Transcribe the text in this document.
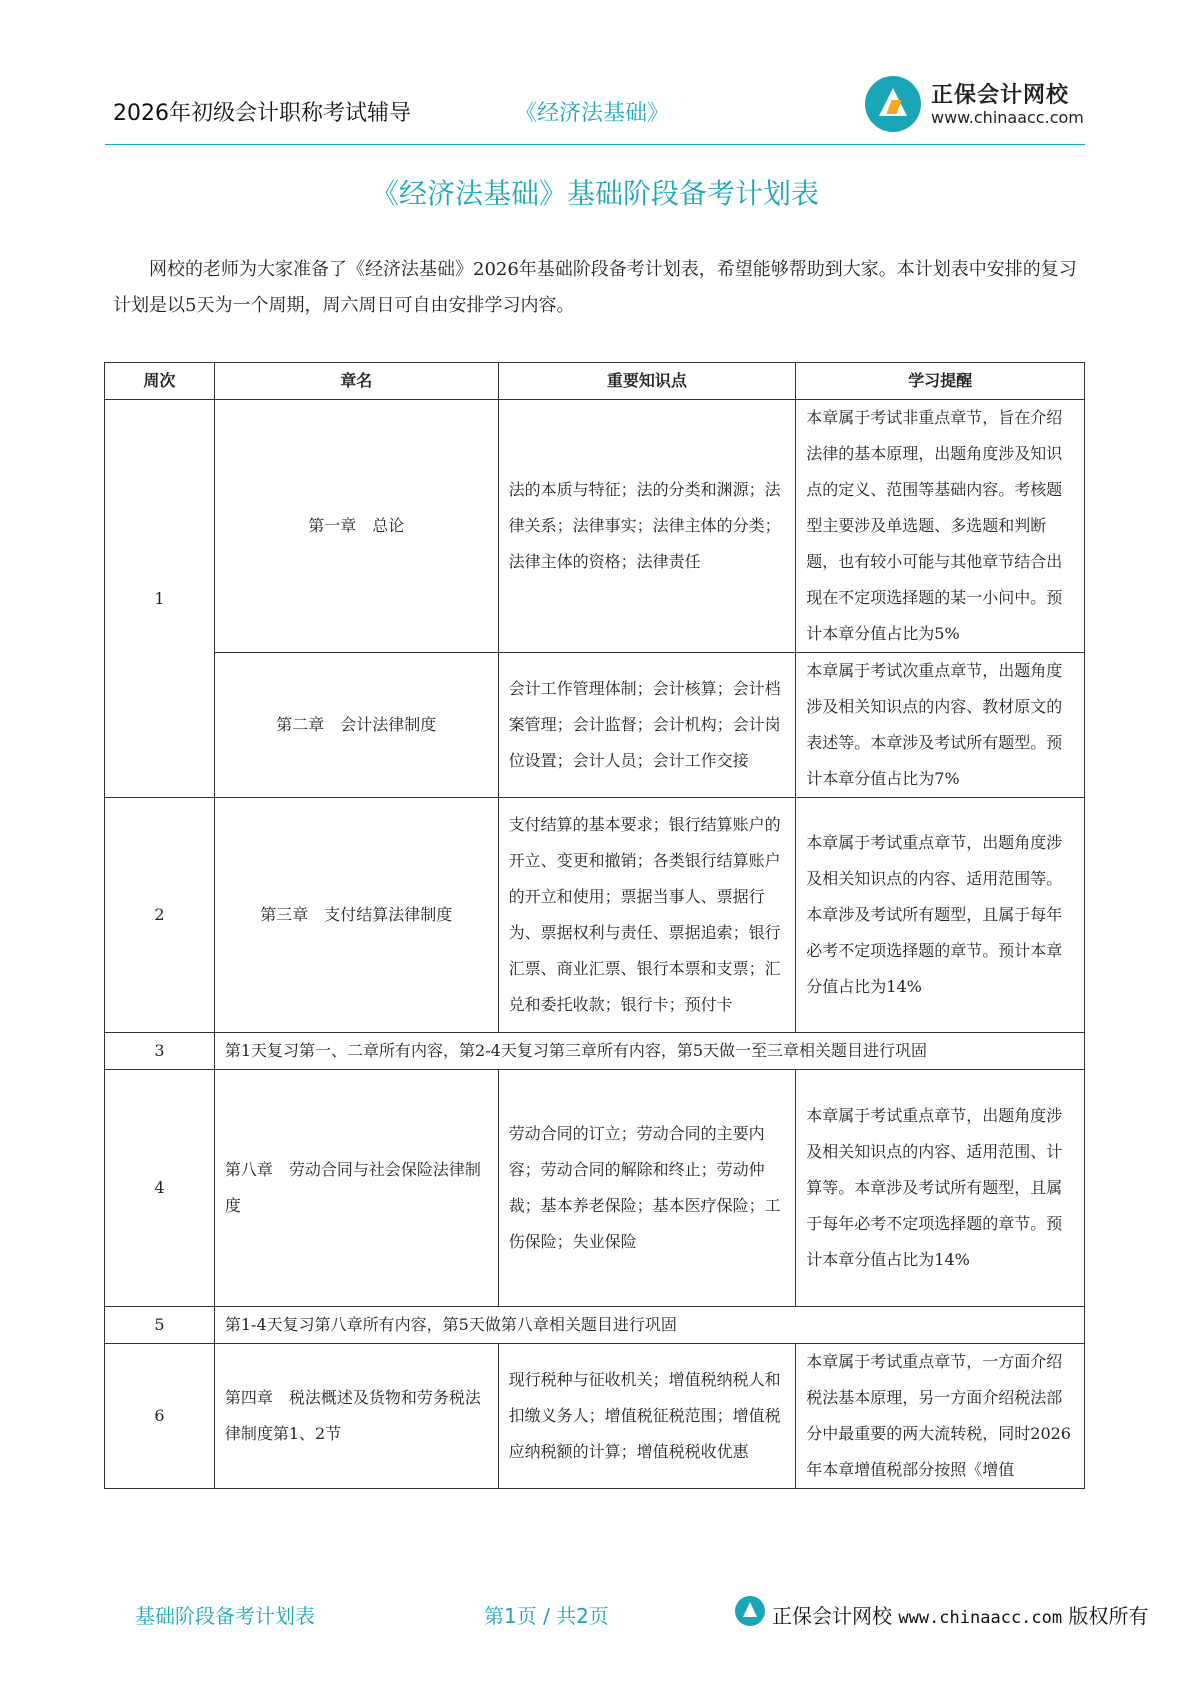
2026年初级会计职称考试辅导	《经济法基础》
正保会计网校
www.chinaacc.com
《经济法基础》基础阶段备考计划表

网校的老师为大家准备了《经济法基础》2026年基础阶段备考计划表，希望能够帮助到大家。本计划表中安排的复习计划是以5天为一个周期，周六周日可自由安排学习内容。

周次	章名	重要知识点	学习提醒
1	第一章　总论	法的本质与特征；法的分类和渊源；法律关系；法律事实；法律主体的分类；法律主体的资格；法律责任	本章属于考试非重点章节，旨在介绍法律的基本原理，出题角度涉及知识点的定义、范围等基础内容。考核题型主要涉及单选题、多选题和判断题，也有较小可能与其他章节结合出现在不定项选择题的某一小问中。预计本章分值占比为5%
	第二章　会计法律制度	会计工作管理体制；会计核算；会计档案管理；会计监督；会计机构；会计岗位设置；会计人员；会计工作交接	本章属于考试次重点章节，出题角度涉及相关知识点的内容、教材原文的表述等。本章涉及考试所有题型。预计本章分值占比为7%
2	第三章　支付结算法律制度	支付结算的基本要求；银行结算账户的开立、变更和撤销；各类银行结算账户的开立和使用；票据当事人、票据行为、票据权利与责任、票据追索；银行汇票、商业汇票、银行本票和支票；汇兑和委托收款；银行卡；预付卡	本章属于考试重点章节，出题角度涉及相关知识点的内容、适用范围等。本章涉及考试所有题型，且属于每年必考不定项选择题的章节。预计本章分值占比为14%
3	第1天复习第一、二章所有内容，第2-4天复习第三章所有内容，第5天做一至三章相关题目进行巩固		
4	第八章　劳动合同与社会保险法律制度	劳动合同的订立；劳动合同的主要内容；劳动合同的解除和终止；劳动仲裁；基本养老保险；基本医疗保险；工伤保险；失业保险	本章属于考试重点章节，出题角度涉及相关知识点的内容、适用范围、计算等。本章涉及考试所有题型，且属于每年必考不定项选择题的章节。预计本章分值占比为14%
5	第1-4天复习第八章所有内容，第5天做第八章相关题目进行巩固		
6	第四章　税法概述及货物和劳务税法律制度第1、2节	现行税种与征收机关；增值税纳税人和扣缴义务人；增值税征税范围；增值税应纳税额的计算；增值税税收优惠	本章属于考试重点章节，一方面介绍税法基本原理，另一方面介绍税法部分中最重要的两大流转税，同时2026年本章增值税部分按照《增值
基础阶段备考计划表	第1页 / 共2页	正保会计网校 www.chinaacc.com 版权所有
